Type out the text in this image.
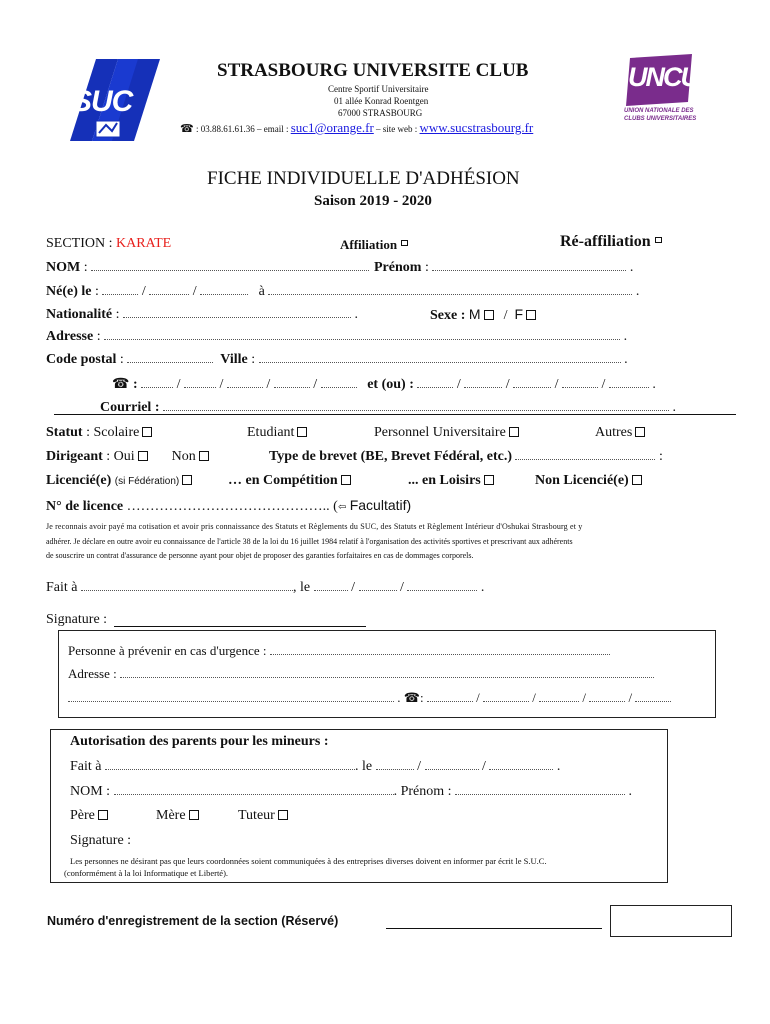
SUC
STRASBOURG UNIVERSITE CLUB
Centre Sportif Universitaire
01 allée Konrad Roentgen
67000 STRASBOURG
☎ : 03.88.61.61.36 – email : suc1@orange.fr – site web : www.sucstrasbourg.fr
UNCU
UNION NATIONALE DES
CLUBS UNIVERSITAIRES
FICHE INDIVIDUELLE D'ADHÉSION
Saison 2019 - 2020
SECTION : KARATE	Affiliation	Ré-affiliation
NOM :	Prénom :	.
Né(e) le :	/	/	à	.
Nationalité :	.	Sexe : M  /  F
Adresse :	.
Code postal :	Ville :	.
☎ :	/  /	/	/	et (ou) :	/	/	/	/	.
Courriel :	.
Statut : Scolaire	Etudiant	Personnel Universitaire	Autres
Dirigeant : Oui	Non	Type de brevet (BE, Brevet Fédéral, etc.)	:
Licencié(e) (si Fédération)	… en Compétition	... en Loisirs	Non Licencié(e)
N° de licence …………………………………….. (⇦ Facultatif)
Je reconnais avoir payé ma cotisation et avoir pris connaissance des Statuts et Règlements du SUC, des Statuts et Règlement Intérieur d'Oshukai Strasbourg et y
adhérer. Je déclare en outre avoir eu connaissance de l'article 38 de la loi du 16 juillet 1984 relatif à l'organisation des activités sportives et prescrivant aux adhérents
de souscrire un contrat d'assurance de personne ayant pour objet de proposer des garanties forfaitaires en cas de dommages corporels.
Fait à	, le	/	/	.
Signature :
Personne à prévenir en cas d'urgence :
Adresse :
. ☎:	/	/	/	/
Autorisation des parents pour les mineurs :
Fait à	. le	/	/	.
NOM :	. Prénom :	.
Père	Mère	Tuteur
Signature :
Les personnes ne désirant pas que leurs coordonnées soient communiquées à des entreprises diverses doivent en informer par écrit le S.U.C.
(conformément à la loi Informatique et Liberté).
Numéro d'enregistrement de la section (Réservé)
